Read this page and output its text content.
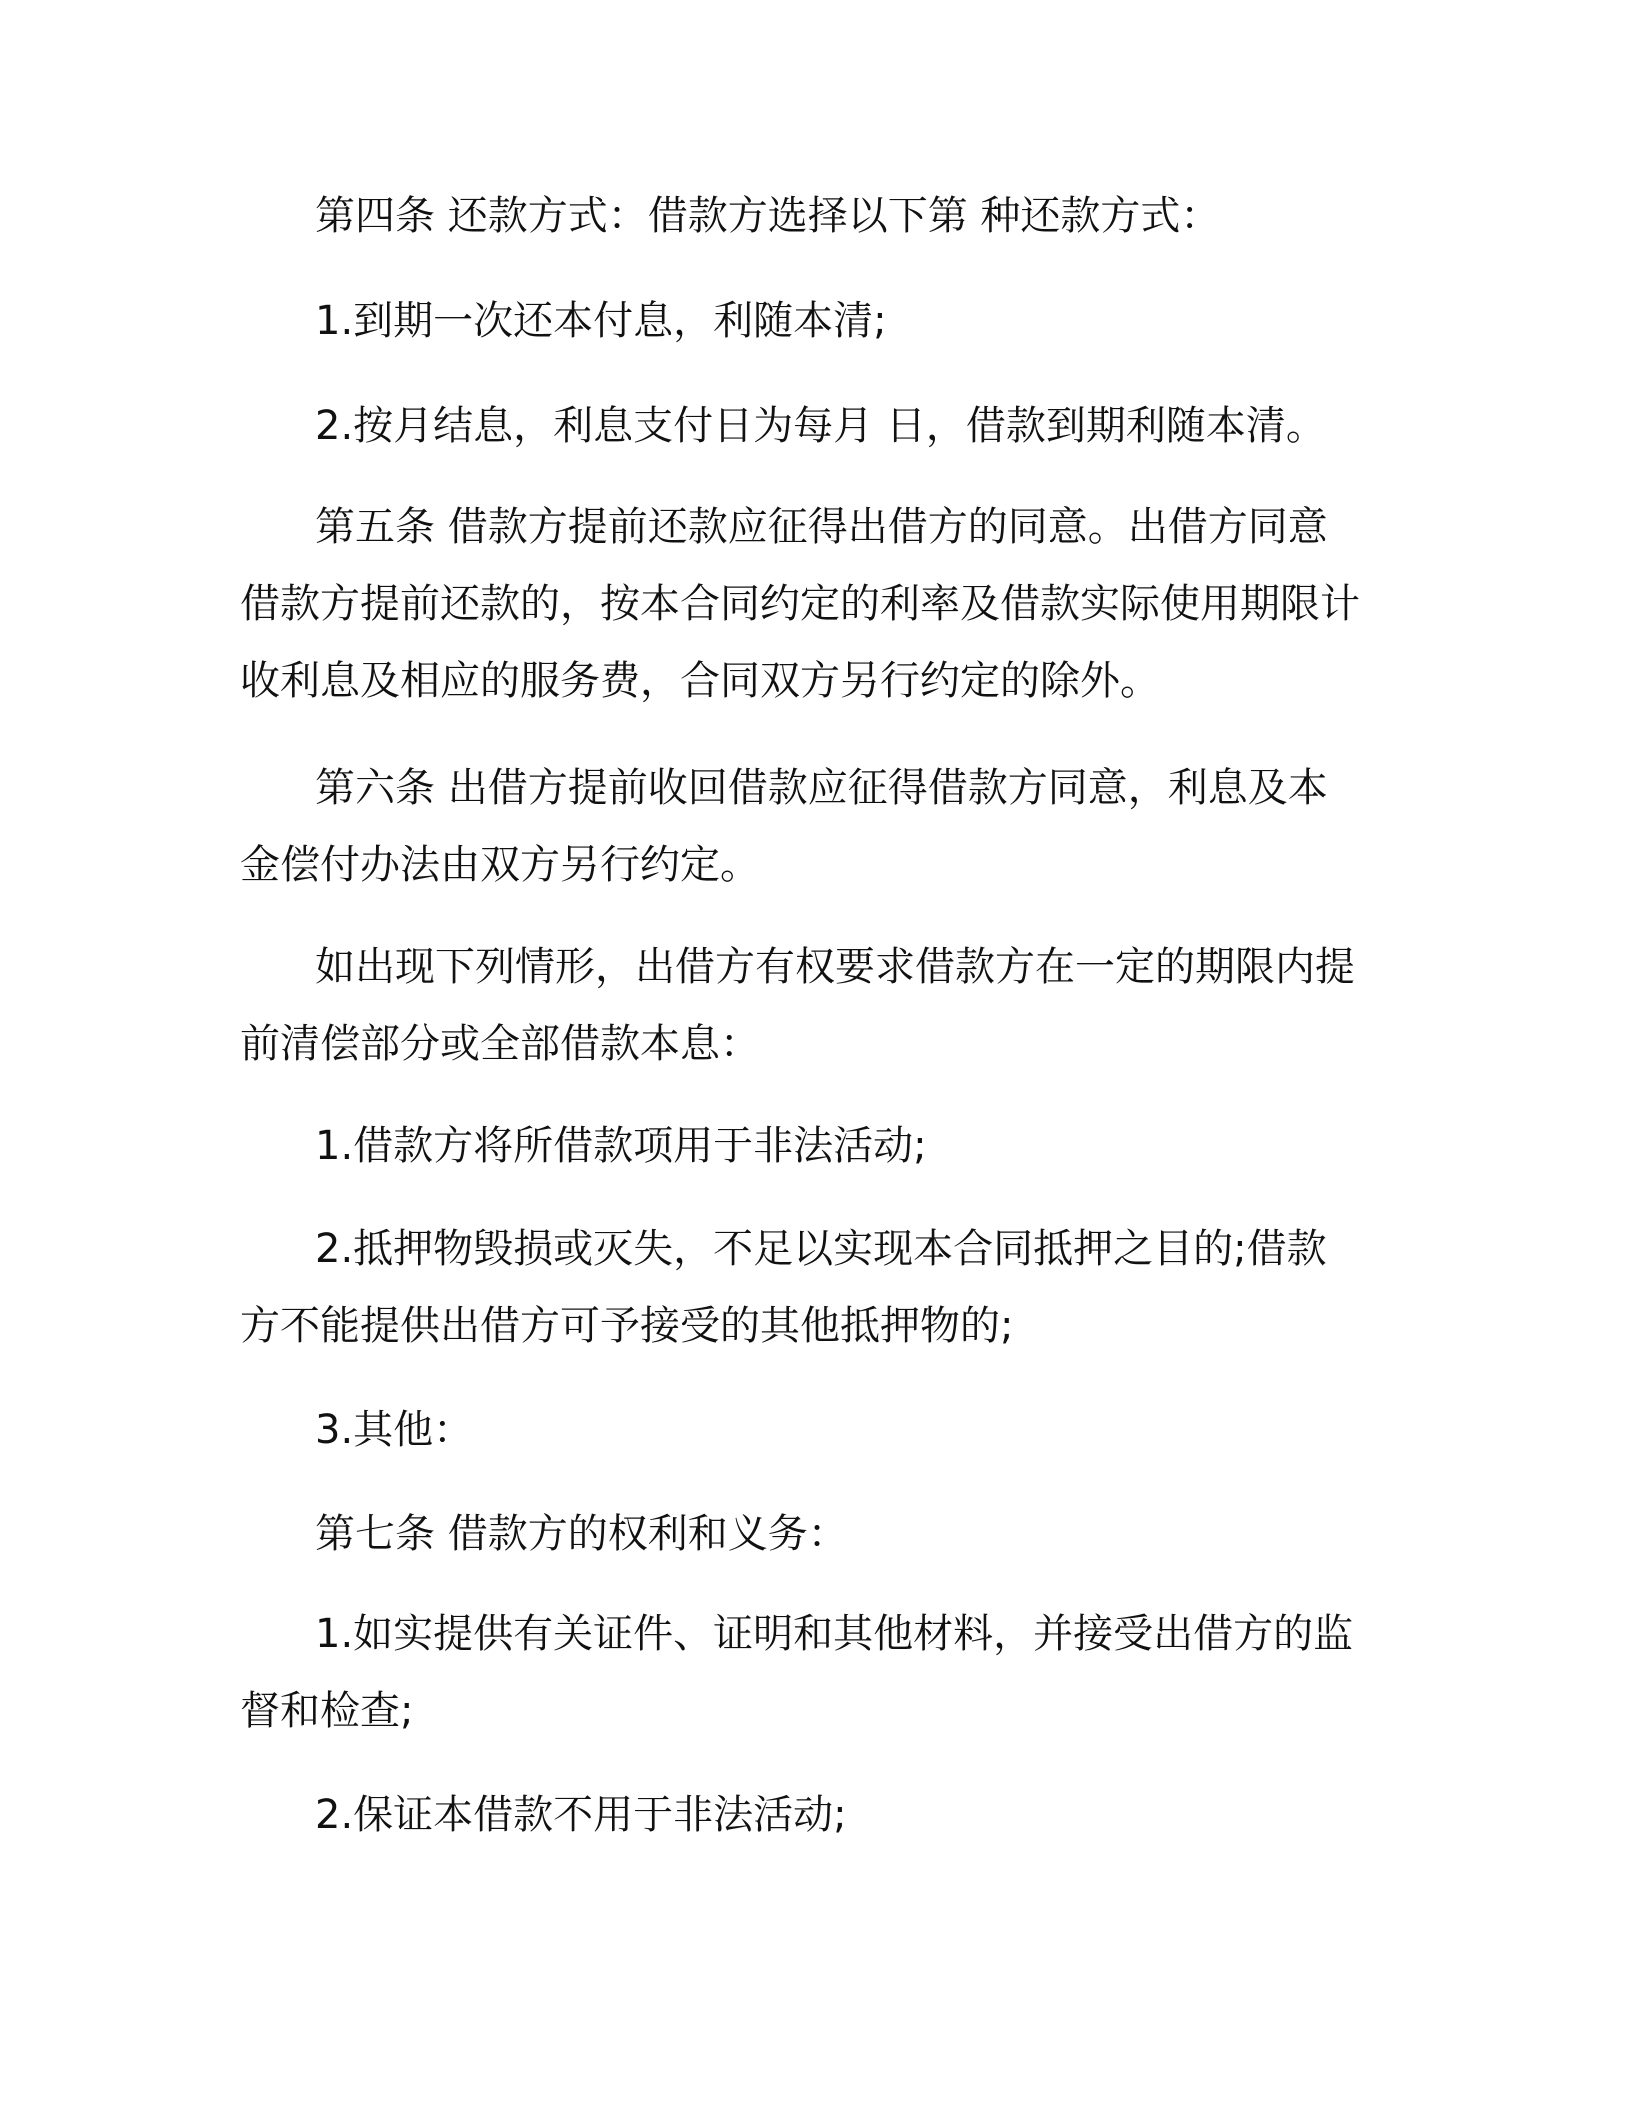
第四条 还款方式：借款方选择以下第 种还款方式：

1.到期一次还本付息，利随本清;

2.按月结息，利息支付日为每月 日，借款到期利随本清。

第五条 借款方提前还款应征得出借方的同意。出借方同意借款方提前还款的，按本合同约定的利率及借款实际使用期限计收利息及相应的服务费，合同双方另行约定的除外。

第六条 出借方提前收回借款应征得借款方同意，利息及本金偿付办法由双方另行约定。

如出现下列情形，出借方有权要求借款方在一定的期限内提前清偿部分或全部借款本息：

1.借款方将所借款项用于非法活动;

2.抵押物毁损或灭失，不足以实现本合同抵押之目的;借款方不能提供出借方可予接受的其他抵押物的;

3.其他：

第七条 借款方的权利和义务：

1.如实提供有关证件、证明和其他材料，并接受出借方的监督和检查;

2.保证本借款不用于非法活动;
